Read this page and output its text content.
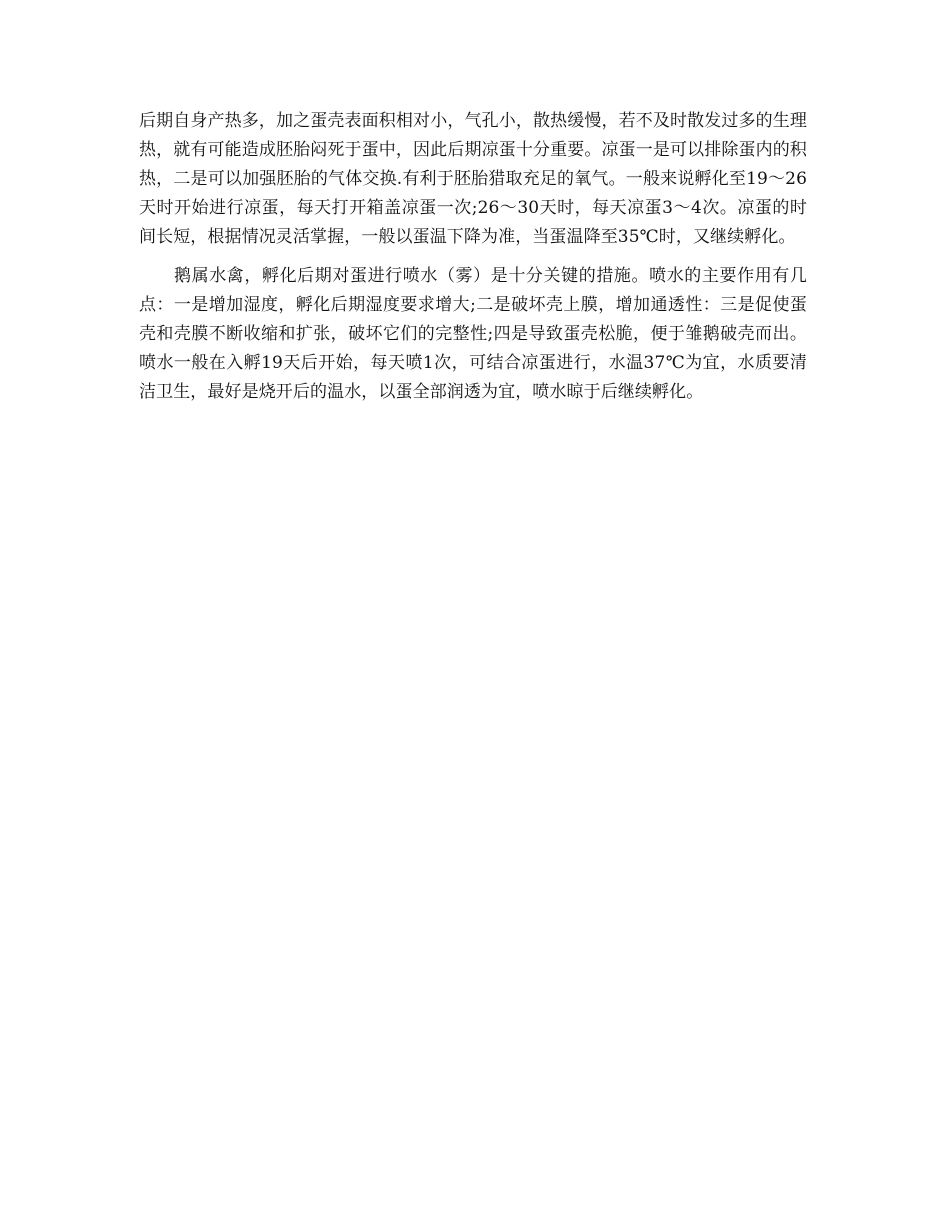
后期自身产热多，加之蛋壳表面积相对小，气孔小，散热缓慢，若不及时散发过多的生理热，就有可能造成胚胎闷死于蛋中，因此后期凉蛋十分重要。凉蛋一是可以排除蛋内的积热，二是可以加强胚胎的气体交换.有利于胚胎猎取充足的氧气。一般来说孵化至19～26天时开始进行凉蛋，每天打开箱盖凉蛋一次;26～30天时，每天凉蛋3～4次。凉蛋的时间长短，根据情况灵活掌握，一般以蛋温下降为准，当蛋温降至35℃时，又继续孵化。

鹅属水禽，孵化后期对蛋进行喷水（雾）是十分关键的措施。喷水的主要作用有几点：一是增加湿度，孵化后期湿度要求增大;二是破坏壳上膜，增加通透性：三是促使蛋壳和壳膜不断收缩和扩张，破坏它们的完整性;四是导致蛋壳松脆，便于雏鹅破壳而出。喷水一般在入孵19天后开始，每天喷1次，可结合凉蛋进行，水温37℃为宜，水质要清洁卫生，最好是烧开后的温水，以蛋全部润透为宜，喷水晾于后继续孵化。
